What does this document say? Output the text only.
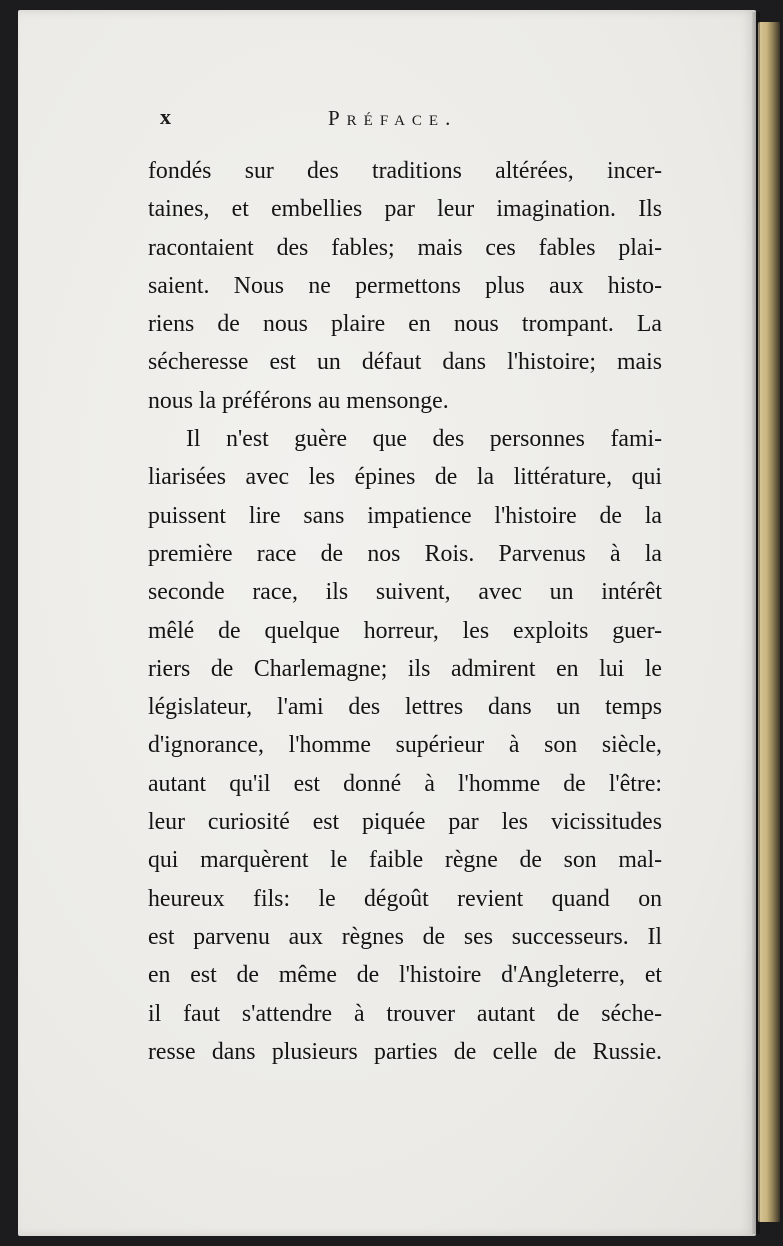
x	Préface.
fondés sur des traditions altérées, incer-
taines, et embellies par leur imagination. Ils
racontaient des fables; mais ces fables plai-
saient. Nous ne permettons plus aux histo-
riens de nous plaire en nous trompant. La
sécheresse est un défaut dans l'histoire; mais
nous la préférons au mensonge.
Il n'est guère que des personnes fami-
liarisées avec les épines de la littérature, qui
puissent lire sans impatience l'histoire de la
première race de nos Rois. Parvenus à la
seconde race, ils suivent, avec un intérêt
mêlé de quelque horreur, les exploits guer-
riers de Charlemagne; ils admirent en lui le
législateur, l'ami des lettres dans un temps
d'ignorance, l'homme supérieur à son siècle,
autant qu'il est donné à l'homme de l'être:
leur curiosité est piquée par les vicissitudes
qui marquèrent le faible règne de son mal-
heureux fils: le dégoût revient quand on
est parvenu aux règnes de ses successeurs. Il
en est de même de l'histoire d'Angleterre, et
il faut s'attendre à trouver autant de séche-
resse dans plusieurs parties de celle de Russie.
